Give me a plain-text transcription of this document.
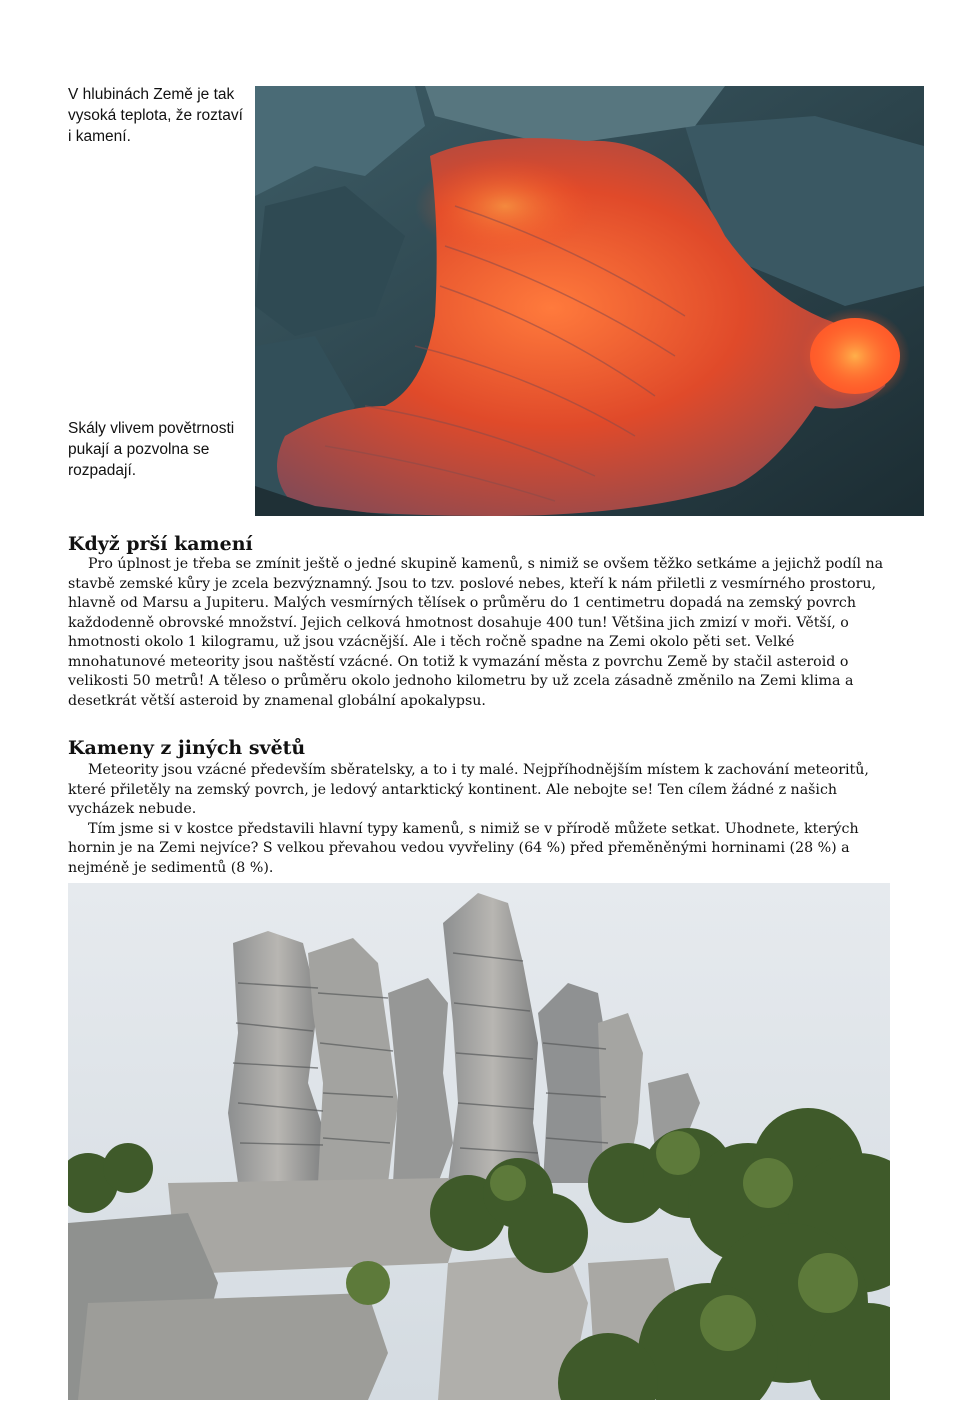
V hlubinách Země je tak vysoká teplota, že roztaví i kamení.

Skály vlivem povětrnosti pukají a pozvolna se rozpadají.

Když prší kamení

Pro úplnost je třeba se zmínit ještě o jedné skupině kamenů, s nimiž se ovšem těžko setkáme a jejichž podíl na stavbě zemské kůry je zcela bezvýznamný. Jsou to tzv. poslové nebes, kteří k nám přiletli z vesmírného prostoru, hlavně od Marsu a Jupiteru. Malých vesmírných tělísek o průměru do 1 centimetru dopadá na zemský povrch každodenně obrovské množství. Jejich celková hmotnost dosahuje 400 tun! Většina jich zmizí v moři. Větší, o hmotnosti okolo 1 kilogramu, už jsou vzácnější. Ale i těch ročně spadne na Zemi okolo pěti set. Velké mnohatunové meteority jsou naštěstí vzácné. On totiž k vymazání města z povrchu Země by stačil asteroid o velikosti 50 metrů! A těleso o průměru okolo jednoho kilometru by už zcela zásadně změnilo na Zemi klima a desetkrát větší asteroid by znamenal globální apokalypsu.

Kameny z jiných světů

Meteority jsou vzácné především sběratelsky, a to i ty malé. Nejpříhodnějším místem k zachování meteoritů, které přiletěly na zemský povrch, je ledový antarktický kontinent. Ale nebojte se! Ten cílem žádné z našich vycházek nebude.

Tím jsme si v kostce představili hlavní typy kamenů, s nimiž se v přírodě můžete setkat. Uhodnete, kterých hornin je na Zemi nejvíce? S velkou převahou vedou vyvřeliny (64 %) před přeměněnými horninami (28 %) a nejméně je sedimentů (8 %).
